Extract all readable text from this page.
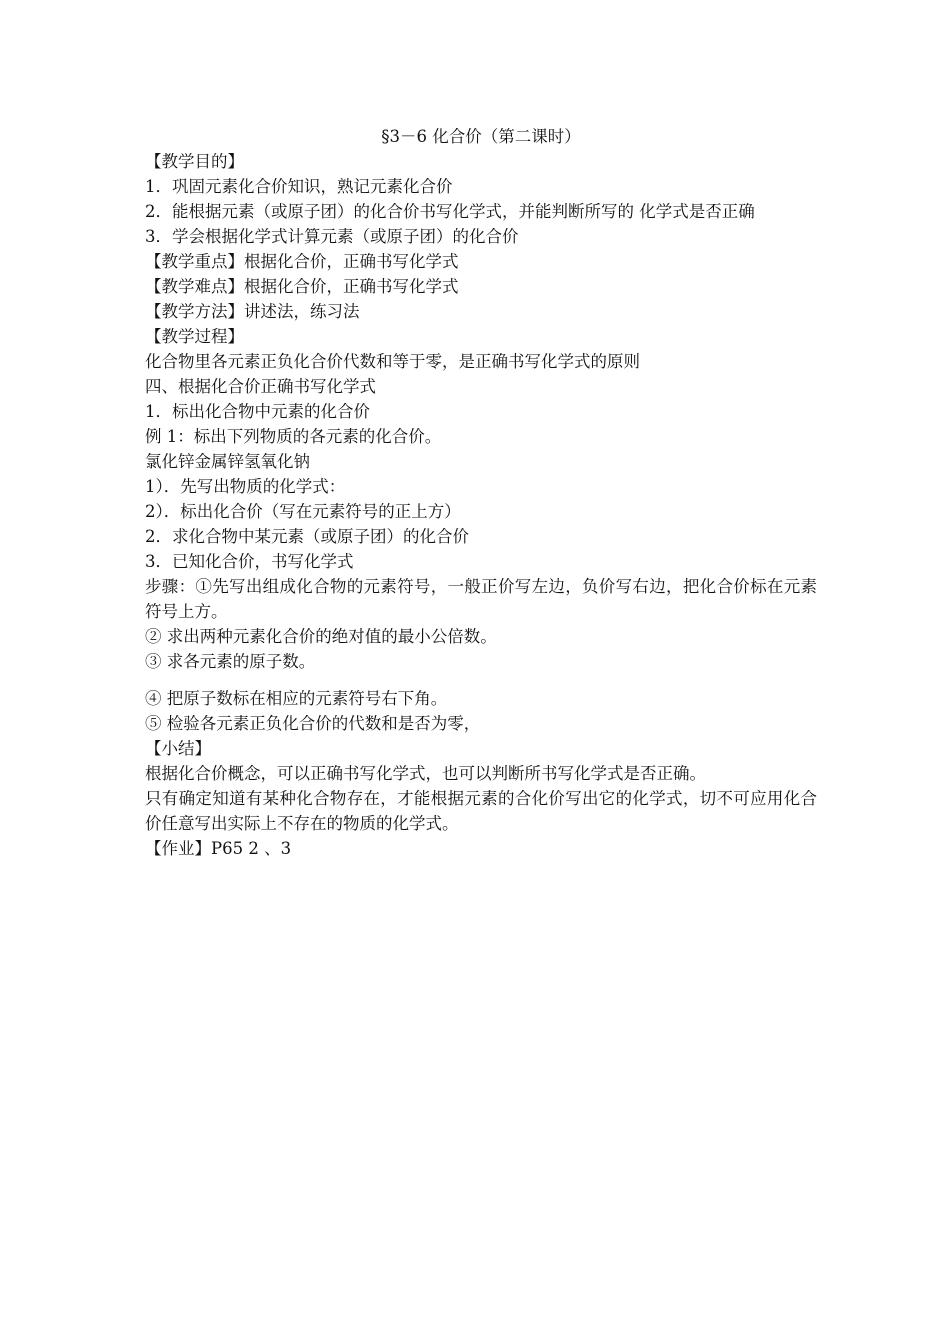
§3－6 化合价（第二课时）
【教学目的】
1．巩固元素化合价知识，熟记元素化合价
2．能根据元素（或原子团）的化合价书写化学式，并能判断所写的 化学式是否正确
3．学会根据化学式计算元素（或原子团）的化合价
【教学重点】根据化合价，正确书写化学式
【教学难点】根据化合价，正确书写化学式
【教学方法】讲述法，练习法
【教学过程】
化合物里各元素正负化合价代数和等于零，是正确书写化学式的原则
四、根据化合价正确书写化学式
1．标出化合物中元素的化合价
例 1：标出下列物质的各元素的化合价。
氯化锌金属锌氢氧化钠
1）．先写出物质的化学式：
2）．标出化合价（写在元素符号的正上方）
2．求化合物中某元素（或原子团）的化合价
3．已知化合价，书写化学式
步骤：①先写出组成化合物的元素符号，一般正价写左边，负价写右边，把化合价标在元素符号上方。
② 求出两种元素化合价的绝对值的最小公倍数。
③ 求各元素的原子数。
④ 把原子数标在相应的元素符号右下角。
⑤ 检验各元素正负化合价的代数和是否为零，
【小结】
根据化合价概念，可以正确书写化学式，也可以判断所书写化学式是否正确。
只有确定知道有某种化合物存在，才能根据元素的合化价写出它的化学式，切不可应用化合价任意写出实际上不存在的物质的化学式。
【作业】P65 2 、3
